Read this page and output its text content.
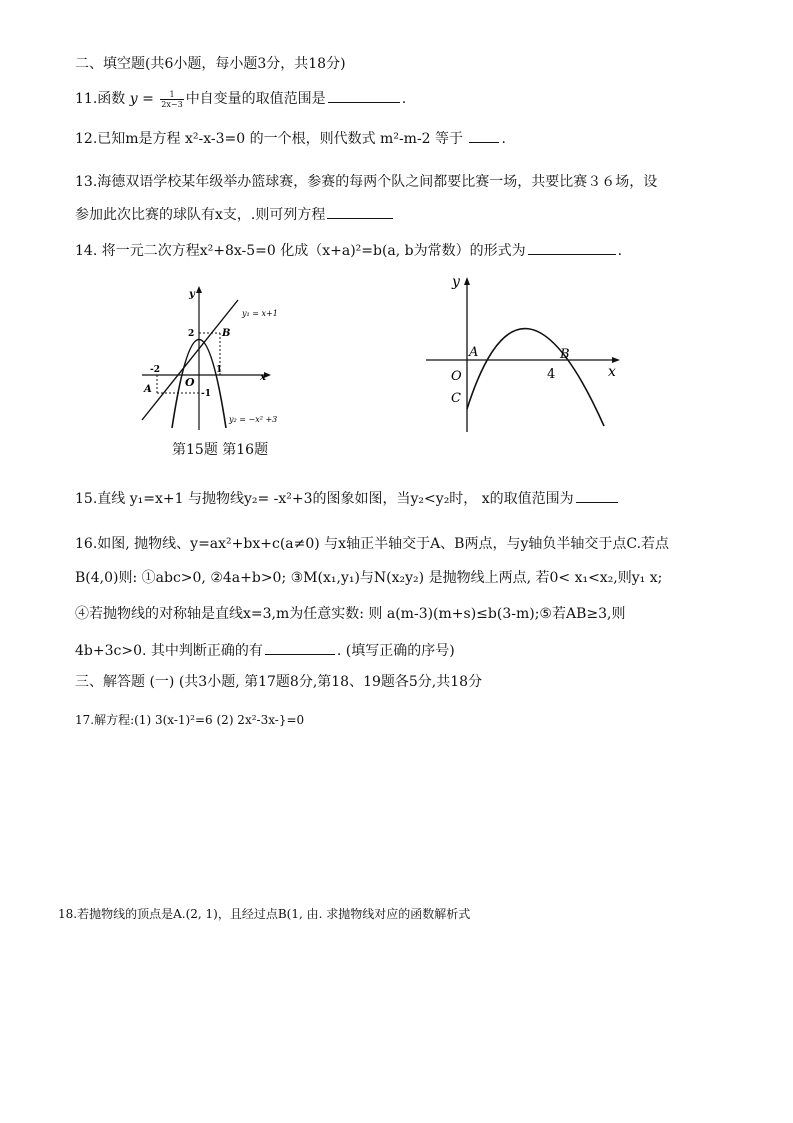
二、填空题(共6小题，每小题3分，共18分)
11.函数 $y = \frac{1}{2x-3}$ 中自变量的取值范围是	.
12.已知m是方程 x²-x-3=0 的一个根，则代数式 m²-m-2 等于 .
13.海德双语学校某年级举办篮球赛，参赛的每两个队之间都要比赛一场，共要比赛３６场，设
参加此次比赛的球队有x支，.则可列方程
14. 将一元二次方程x²+8x-5=0 化成（x+a)²=b(a, b为常数）的形式为	.
y
x
y₁ = x+1
y₂ = −x² +3
B
A
O
2
-2	1
-1
y
x
A	B
O
C
4
第15题 第16题
15.直线 y₁=x+1 与抛物线y₂= -x²+3的图象如图，当y₂<y₂时， x的取值范围为
16.如图, 抛物线、y=ax²+bx+c(a≠0) 与x轴正半轴交于A、B两点，与y轴负半轴交于点C.若点
B(4,0)则: ①abc>0, ②4a+b>0; ③M(x₁,y₁)与N(x₂y₂) 是抛物线上两点, 若0< x₁<x₂,则y₁ x;
④若抛物线的对称轴是直线x=3,m为任意实数: 则 a(m-3)(m+s)≤b(3-m);⑤若AB≥3,则
4b+3c>0. 其中判断正确的有	. (填写正确的序号)
三、解答题 (一) (共3小题, 第17题8分,第18、19题各5分,共18分
17.解方程:(1) 3(x-1)²=6 (2) 2x²-3x-}=0
18.若抛物线的顶点是A.(2, 1)，且经过点B(1, 由. 求抛物线对应的函数解析式
